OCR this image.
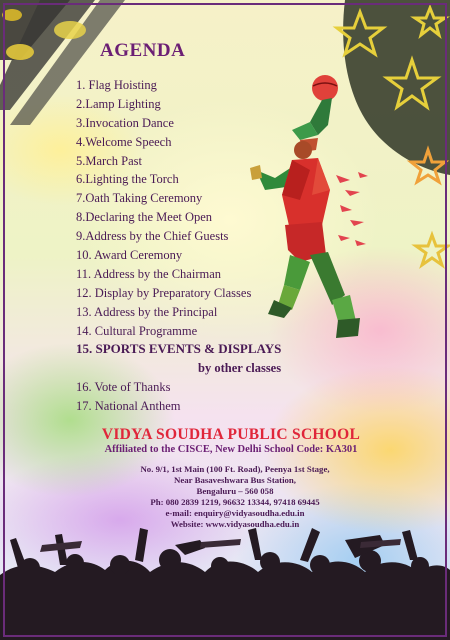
AGENDA
1. Flag Hoisting
2.Lamp Lighting
3.Invocation Dance
4.Welcome Speech
5.March Past
6.Lighting the Torch
7.Oath Taking Ceremony
8.Declaring the Meet Open
9.Address by the Chief Guests
10. Award Ceremony
11. Address by the Chairman
12. Display by Preparatory Classes
13. Address by the Principal
14. Cultural Programme
15. SPORTS EVENTS & DISPLAYS
by other classes
16. Vote of Thanks
17. National Anthem
VIDYA SOUDHA PUBLIC SCHOOL
Affiliated to the CISCE, New Delhi School Code: KA301
No. 9/1, 1st Main (100 Ft. Road), Peenya 1st Stage,
Near Basaveshwara Bus Station,
Bengaluru – 560 058
Ph: 080 2839 1219, 96632 13344, 97418 69445
e-mail: enquiry@vidyasoudha.edu.in
Website: www.vidyasoudha.edu.in
